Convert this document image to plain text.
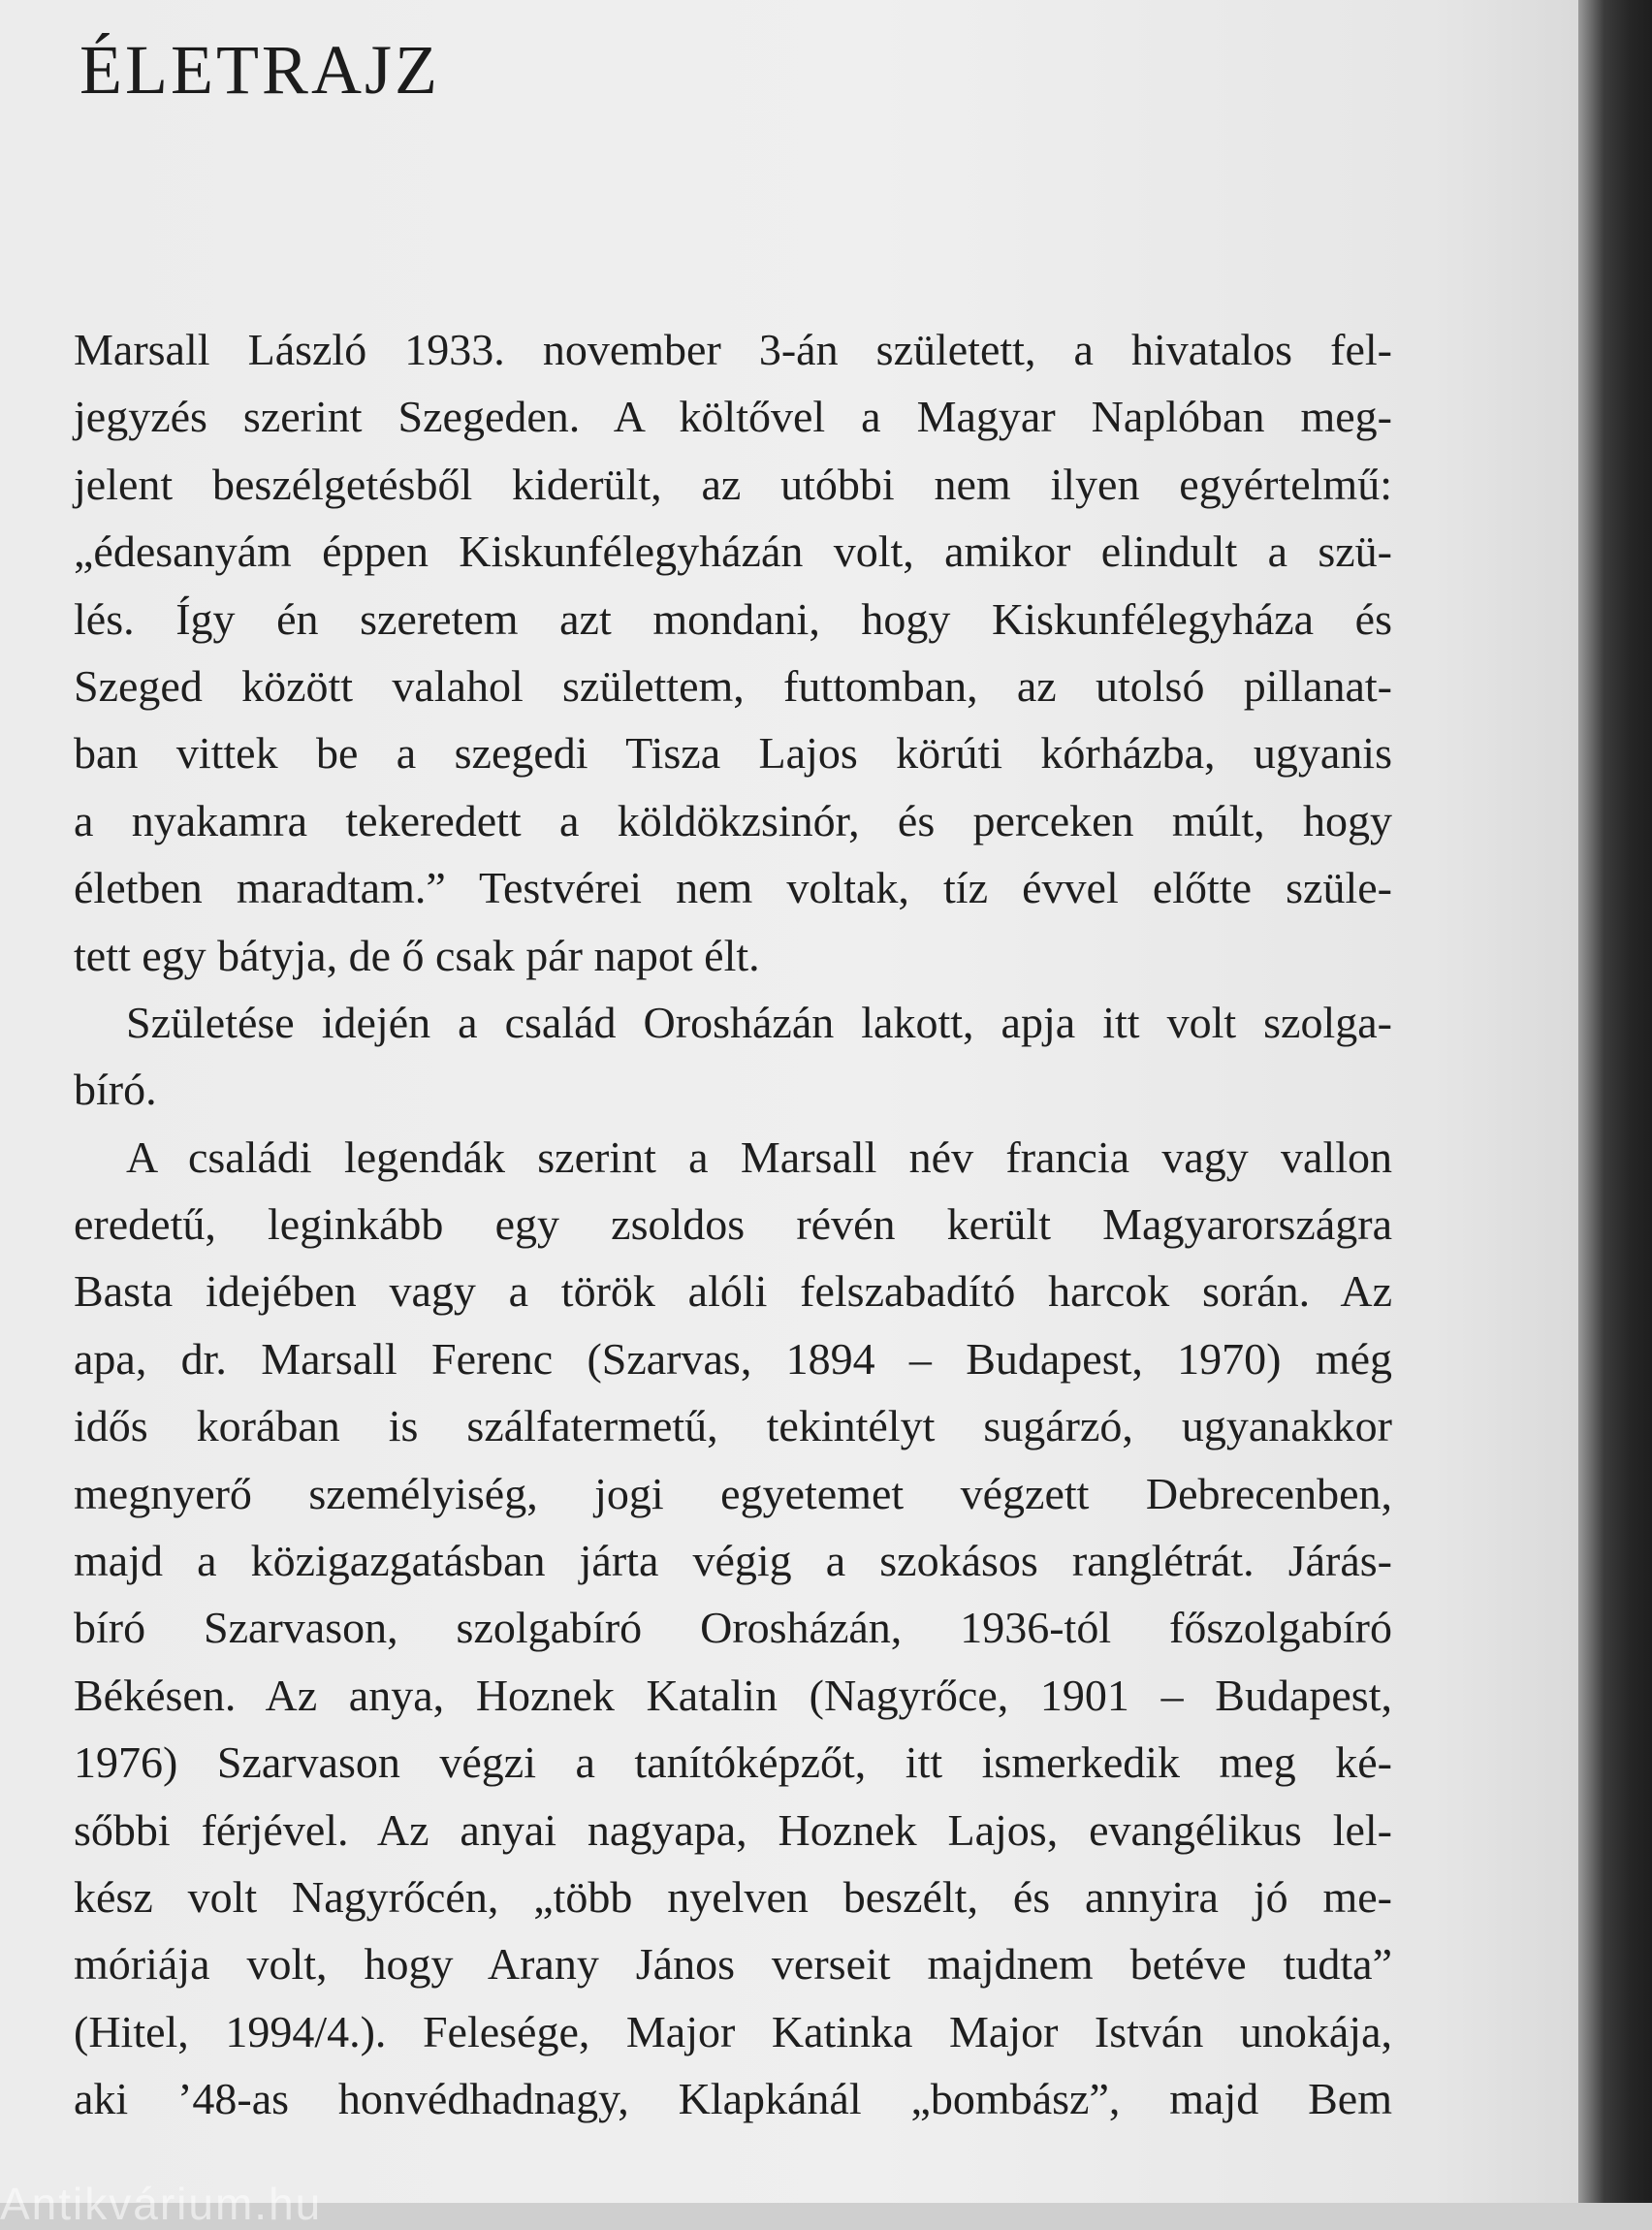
ÉLETRAJZ
Marsall László 1933. november 3-án született, a hivatalos fel-
jegyzés szerint Szegeden. A költővel a Magyar Naplóban meg-
jelent beszélgetésből kiderült, az utóbbi nem ilyen egyértelmű:
„édesanyám éppen Kiskunfélegyházán volt, amikor elindult a szü-
lés. Így én szeretem azt mondani, hogy Kiskunfélegyháza és
Szeged között valahol születtem, futtomban, az utolsó pillanat-
ban vittek be a szegedi Tisza Lajos körúti kórházba, ugyanis
a nyakamra tekeredett a köldökzsinór, és perceken múlt, hogy
életben maradtam.” Testvérei nem voltak, tíz évvel előtte szüle-
tett egy bátyja, de ő csak pár napot élt.
Születése idején a család Orosházán lakott, apja itt volt szolga-
bíró.
A családi legendák szerint a Marsall név francia vagy vallon
eredetű, leginkább egy zsoldos révén került Magyarországra
Basta idejében vagy a török alóli felszabadító harcok során. Az
apa, dr. Marsall Ferenc (Szarvas, 1894 – Budapest, 1970) még
idős korában is szálfatermetű, tekintélyt sugárzó, ugyanakkor
megnyerő személyiség, jogi egyetemet végzett Debrecenben,
majd a közigazgatásban járta végig a szokásos ranglétrát. Járás-
bíró Szarvason, szolgabíró Orosházán, 1936-tól főszolgabíró
Békésen. Az anya, Hoznek Katalin (Nagyrőce, 1901 – Budapest,
1976) Szarvason végzi a tanítóképzőt, itt ismerkedik meg ké-
sőbbi férjével. Az anyai nagyapa, Hoznek Lajos, evangélikus lel-
kész volt Nagyrőcén, „több nyelven beszélt, és annyira jó me-
móriája volt, hogy Arany János verseit majdnem betéve tudta”
(Hitel, 1994/4.). Felesége, Major Katinka Major István unokája,
aki ’48-as honvédhadnagy, Klapkánál „bombász”, majd Bem
Antikvárium.hu
